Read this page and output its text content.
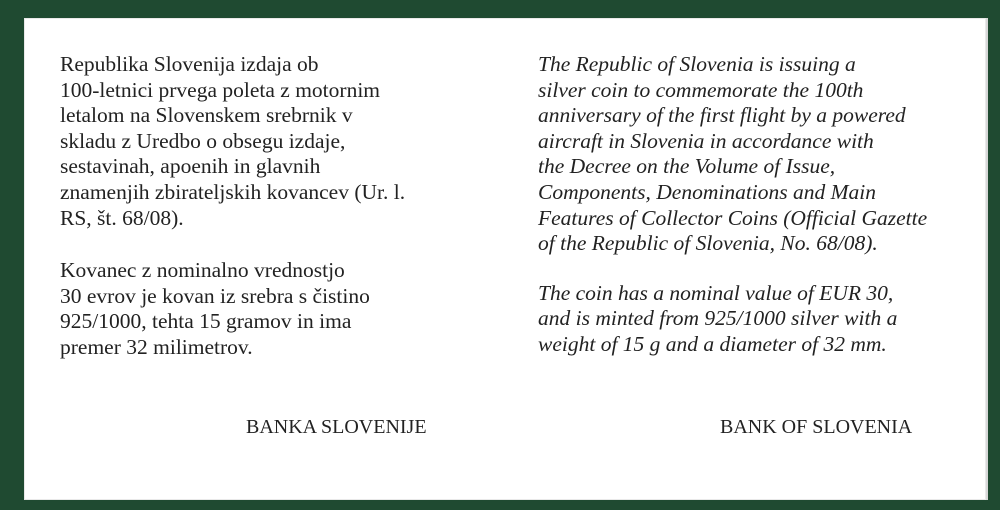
Republika Slovenija izdaja ob
100-letnici prvega poleta z motornim
letalom na Slovenskem srebrnik v
skladu z Uredbo o obsegu izdaje,
sestavinah, apoenih in glavnih
znamenjih zbirateljskih kovancev (Ur. l.
RS, št. 68/08).

Kovanec z nominalno vrednostjo
30 evrov je kovan iz srebra s čistino
925/1000, tehta 15 gramov in ima
premer 32 milimetrov.

The Republic of Slovenia is issuing a
silver coin to commemorate the 100th
anniversary of the first flight by a powered
aircraft in Slovenia in accordance with
the Decree on the Volume of Issue,
Components, Denominations and Main
Features of Collector Coins (Official Gazette
of the Republic of Slovenia, No. 68/08).

The coin has a nominal value of EUR 30,
and is minted from 925/1000 silver with a
weight of 15 g and a diameter of 32 mm.

BANKA SLOVENIJE	BANK OF SLOVENIA
